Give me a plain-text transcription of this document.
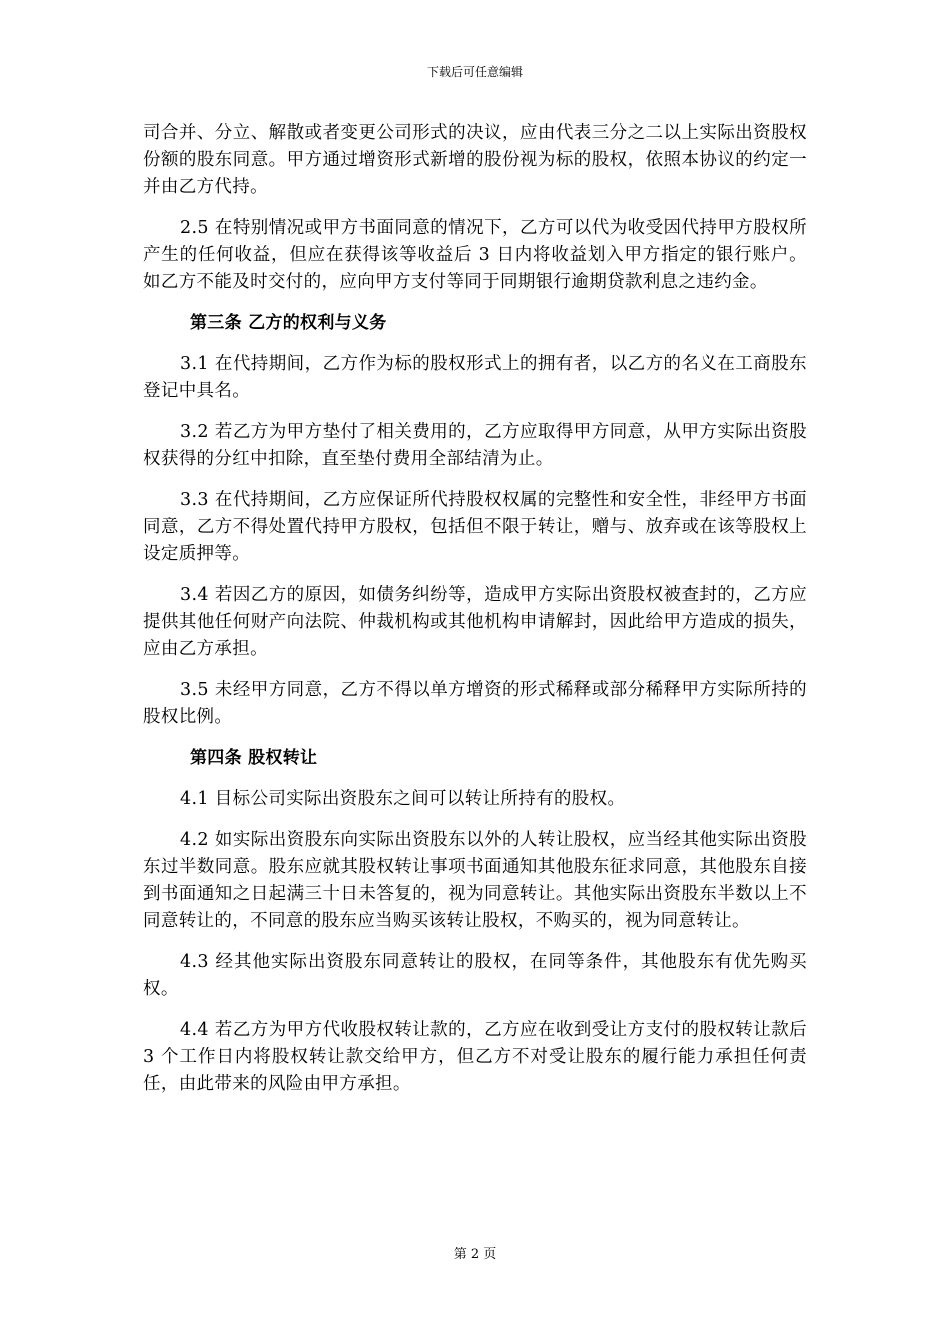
下载后可任意编辑

司合并、分立、解散或者变更公司形式的决议，应由代表三分之二以上实际出资股权份额的股东同意。甲方通过增资形式新增的股份视为标的股权，依照本协议的约定一并由乙方代持。

2.5 在特别情况或甲方书面同意的情况下，乙方可以代为收受因代持甲方股权所产生的任何收益，但应在获得该等收益后 3 日内将收益划入甲方指定的银行账户。如乙方不能及时交付的，应向甲方支付等同于同期银行逾期贷款利息之违约金。

第三条 乙方的权利与义务

3.1 在代持期间，乙方作为标的股权形式上的拥有者，以乙方的名义在工商股东登记中具名。

3.2 若乙方为甲方垫付了相关费用的，乙方应取得甲方同意，从甲方实际出资股权获得的分红中扣除，直至垫付费用全部结清为止。

3.3 在代持期间，乙方应保证所代持股权权属的完整性和安全性，非经甲方书面同意，乙方不得处置代持甲方股权，包括但不限于转让，赠与、放弃或在该等股权上设定质押等。

3.4 若因乙方的原因，如债务纠纷等，造成甲方实际出资股权被查封的，乙方应提供其他任何财产向法院、仲裁机构或其他机构申请解封，因此给甲方造成的损失，应由乙方承担。

3.5 未经甲方同意，乙方不得以单方增资的形式稀释或部分稀释甲方实际所持的股权比例。

第四条 股权转让

4.1 目标公司实际出资股东之间可以转让所持有的股权。

4.2 如实际出资股东向实际出资股东以外的人转让股权，应当经其他实际出资股东过半数同意。股东应就其股权转让事项书面通知其他股东征求同意，其他股东自接到书面通知之日起满三十日未答复的，视为同意转让。其他实际出资股东半数以上不同意转让的，不同意的股东应当购买该转让股权，不购买的，视为同意转让。

4.3 经其他实际出资股东同意转让的股权，在同等条件，其他股东有优先购买权。

4.4 若乙方为甲方代收股权转让款的，乙方应在收到受让方支付的股权转让款后 3 个工作日内将股权转让款交给甲方，但乙方不对受让股东的履行能力承担任何责任，由此带来的风险由甲方承担。

第 2 页
